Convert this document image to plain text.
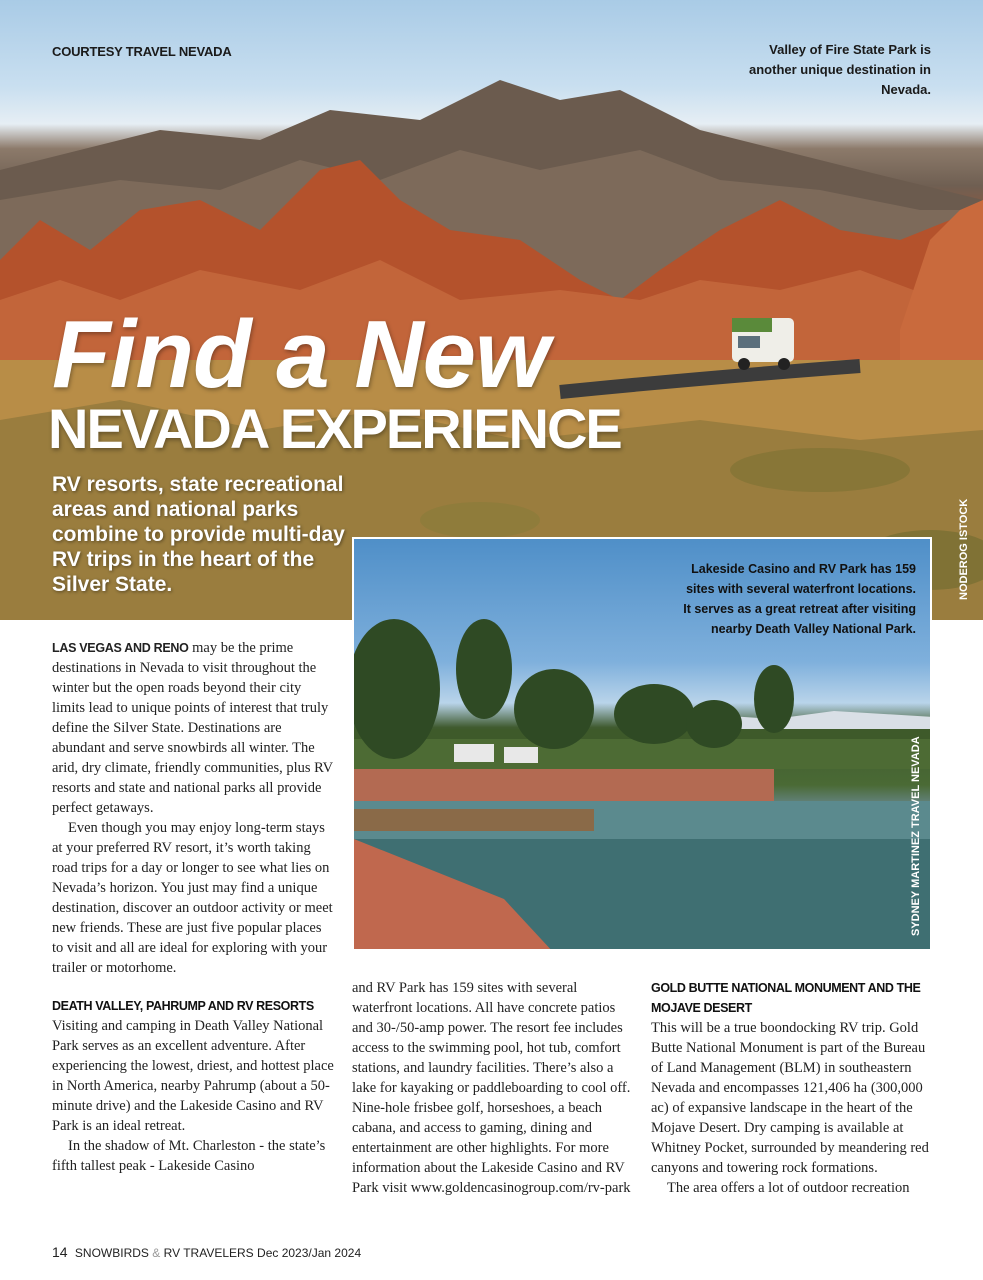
COURTESY TRAVEL NEVADA	Valley of Fire State Park is another unique destination in Nevada.
Find a New
NEVADA EXPERIENCE
RV resorts, state recreational areas and national parks combine to provide multi-day RV trips in the heart of the Silver State.	NODEROG ISTOCK
Lakeside Casino and RV Park has 159 sites with several waterfront locations. It serves as a great retreat after visiting nearby Death Valley National Park.
SYDNEY MARTINEZ TRAVEL NEVADA

LAS VEGAS AND RENO may be the prime destinations in Nevada to visit throughout the winter but the open roads beyond their city limits lead to unique points of interest that truly define the Silver State. Destinations are abundant and serve snowbirds all winter. The arid, dry climate, friendly communities, plus RV resorts and state and national parks all provide perfect getaways.

Even though you may enjoy long-term stays at your preferred RV resort, it’s worth taking road trips for a day or longer to see what lies on Nevada’s horizon. You just may find a unique destination, discover an outdoor activity or meet new friends. These are just five popular places to visit and all are ideal for exploring with your trailer or motorhome.

DEATH VALLEY, PAHRUMP AND RV RESORTS

Visiting and camping in Death Valley National Park serves as an excellent adventure. After experiencing the lowest, driest, and hottest place in North America, nearby Pahrump (about a 50-minute drive) and the Lakeside Casino and RV Park is an ideal retreat.

In the shadow of Mt. Charleston - the state’s fifth tallest peak - Lakeside Casino

and RV Park has 159 sites with several waterfront locations. All have concrete patios and 30-/50-amp power. The resort fee includes access to the swimming pool, hot tub, comfort stations, and laundry facilities. There’s also a lake for kayaking or paddleboarding to cool off. Nine-hole frisbee golf, horseshoes, a beach cabana, and access to gaming, dining and entertainment are other highlights. For more information about the Lakeside Casino and RV Park visit www.goldencasinogroup.com/rv-park

GOLD BUTTE NATIONAL MONUMENT AND THE MOJAVE DESERT

This will be a true boondocking RV trip. Gold Butte National Monument is part of the Bureau of Land Management (BLM) in southeastern Nevada and encompasses 121,406 ha (300,000 ac) of expansive landscape in the heart of the Mojave Desert. Dry camping is available at Whitney Pocket, surrounded by meandering red canyons and towering rock formations.

The area offers a lot of outdoor recreation

14 SNOWBIRDS & RV TRAVELERS Dec 2023/Jan 2024
